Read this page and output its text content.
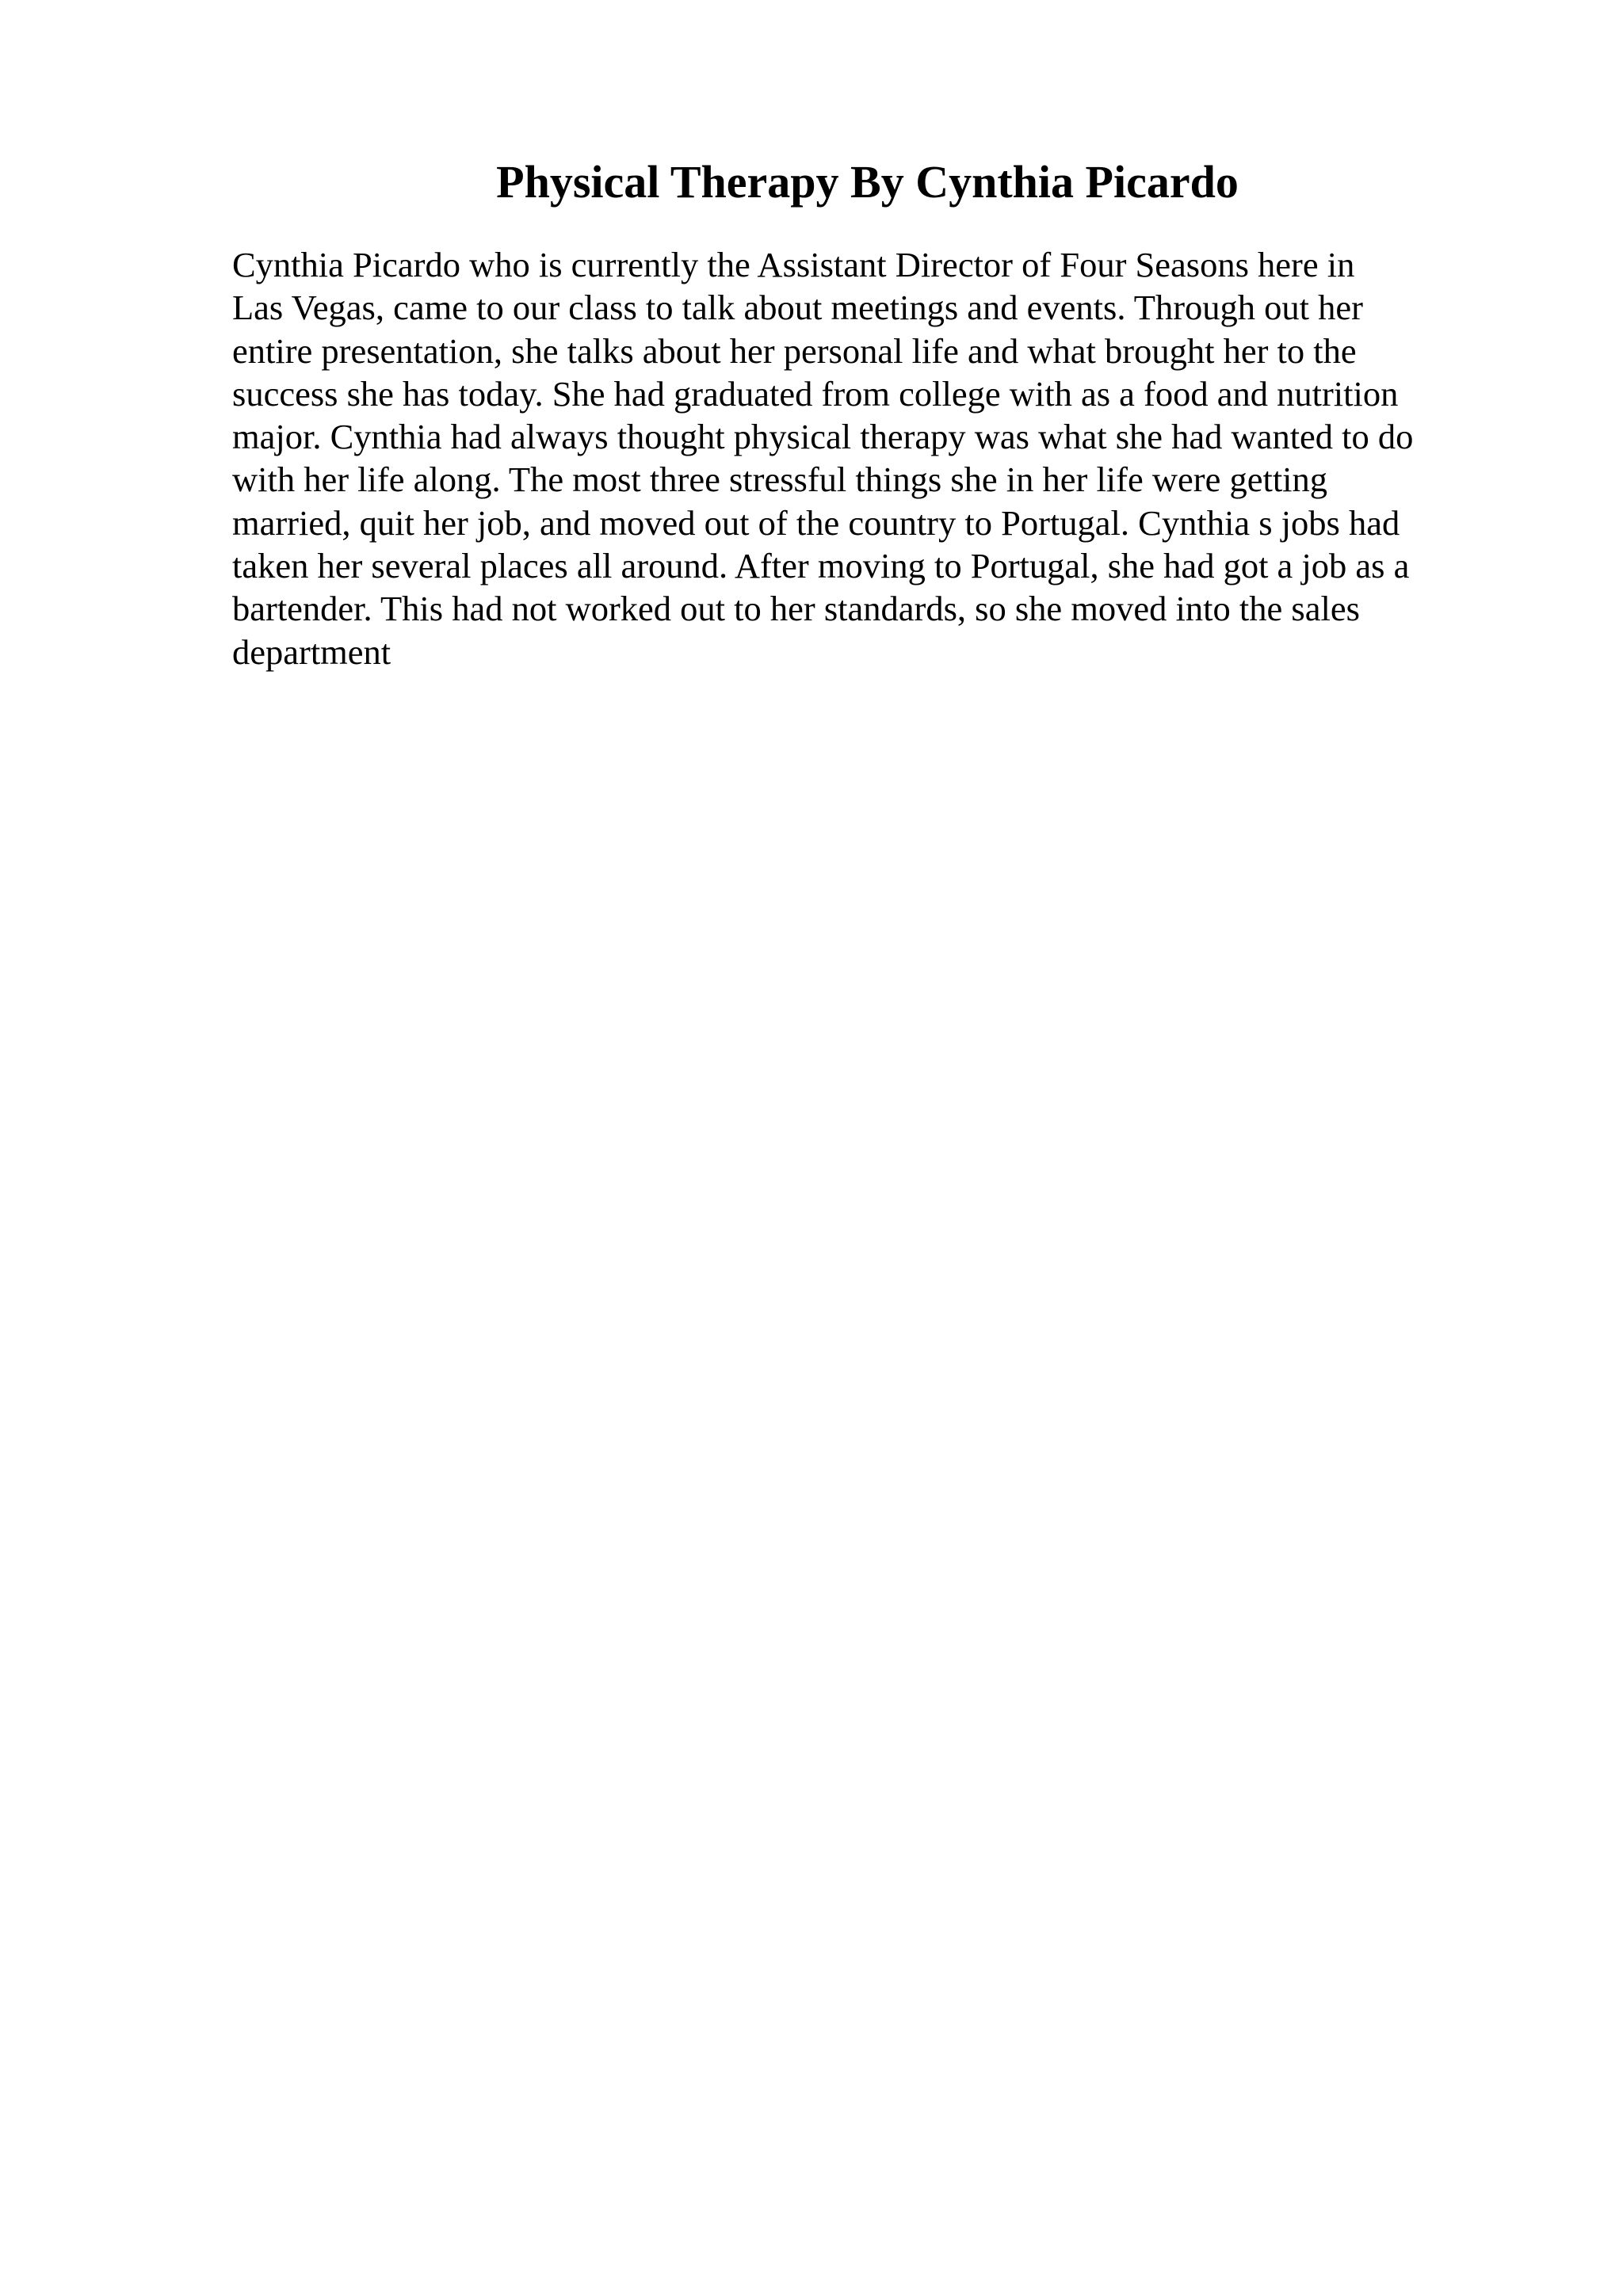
Physical Therapy By Cynthia Picardo
Cynthia Picardo who is currently the Assistant Director of Four Seasons here in
Las Vegas, came to our class to talk about meetings and events. Through out her
entire presentation, she talks about her personal life and what brought her to the
success she has today. She had graduated from college with as a food and nutrition
major. Cynthia had always thought physical therapy was what she had wanted to do
with her life along. The most three stressful things she in her life were getting
married, quit her job, and moved out of the country to Portugal. Cynthia s jobs had
taken her several places all around. After moving to Portugal, she had got a job as a
bartender. This had not worked out to her standards, so she moved into the sales
department
